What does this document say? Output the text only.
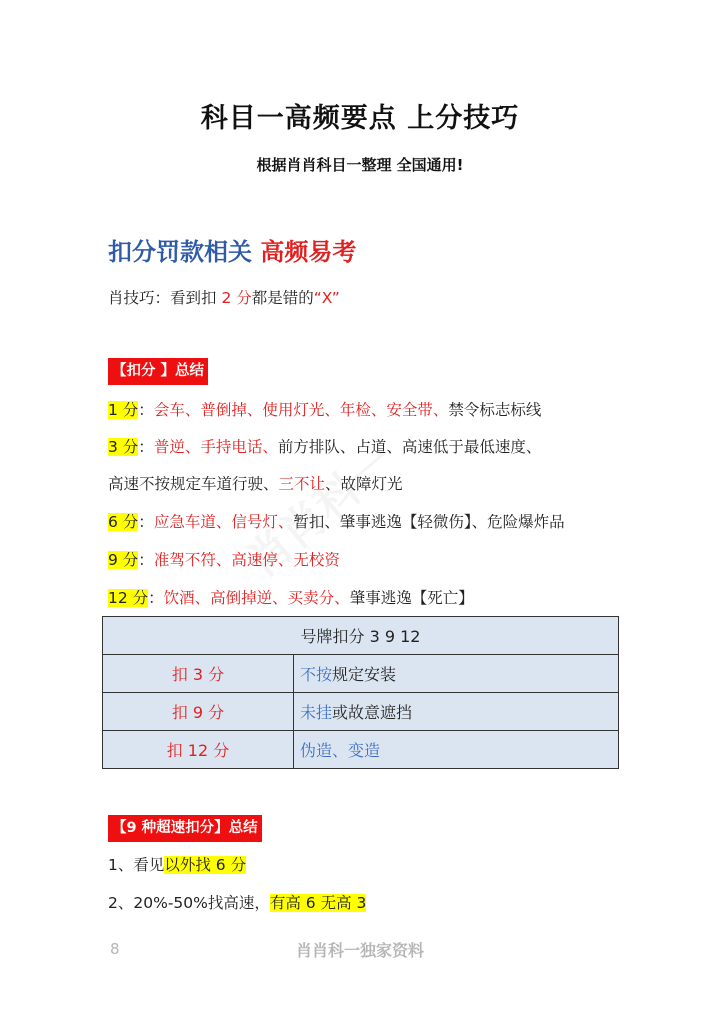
科目一高频要点 上分技巧
根据肖肖科目一整理 全国通用!
扣分罚款相关 高频易考
肖技巧：看到扣 2 分都是错的“X”
【扣分 】总结
1 分：会车、普倒掉、使用灯光、年检、安全带、禁令标志标线
3 分：普逆、手持电话、前方排队、占道、高速低于最低速度、
高速不按规定车道行驶、三不让、故障灯光
6 分：应急车道、信号灯、暂扣、肇事逃逸【轻微伤】、危险爆炸品
9 分：准驾不符、高速停、无校资
12 分：饮酒、高倒掉逆、买卖分、肇事逃逸【死亡】
号牌扣分 3 9 12	
扣 3 分	不按规定安装
扣 9 分	未挂或故意遮挡
扣 12 分	伪造、变造
【9 种超速扣分】总结
1、看见以外找 6 分
2、20%-50%找高速，有高 6 无高 3
8	肖肖科一独家资料
